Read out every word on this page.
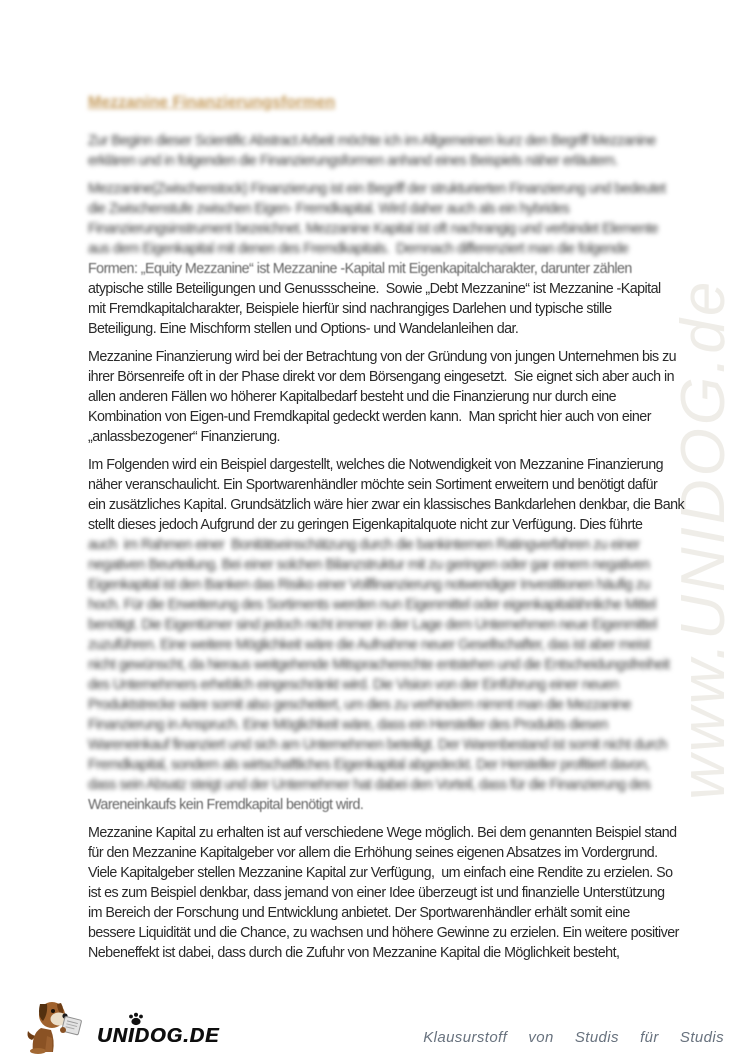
www.UNIDOG.de
Mezzanine Finanzierungsformen
Zur Beginn dieser Scientific Abstract Arbeit möchte ich im Allgemeinen kurz den Begriff Mezzanine
erklären und in folgenden die Finanzierungsformen anhand eines Beispiels näher erläutern.
Mezzanine(Zwischenstock) Finanzierung ist ein Begriff der strukturierten Finanzierung und bedeutet
die Zwischenstufe zwischen Eigen- Fremdkapital. Wird daher auch als ein hybrides
Finanzierungsinstrument bezeichnet. Mezzanine Kapital ist oft nachrangig und verbindet Elemente
aus dem Eigenkapital mit denen des Fremdkapitals.  Demnach differenziert man die folgende
Formen: „Equity Mezzanine“ ist Mezzanine -Kapital mit Eigenkapitalcharakter, darunter zählen
atypische stille Beteiligungen und Genussscheine.  Sowie „Debt Mezzanine“ ist Mezzanine -Kapital
mit Fremdkapitalcharakter, Beispiele hierfür sind nachrangiges Darlehen und typische stille
Beteiligung. Eine Mischform stellen und Options- und Wandelanleihen dar.
Mezzanine Finanzierung wird bei der Betrachtung von der Gründung von jungen Unternehmen bis zu
ihrer Börsenreife oft in der Phase direkt vor dem Börsengang eingesetzt.  Sie eignet sich aber auch in
allen anderen Fällen wo höherer Kapitalbedarf besteht und die Finanzierung nur durch eine
Kombination von Eigen-und Fremdkapital gedeckt werden kann.  Man spricht hier auch von einer
„anlassbezogener“ Finanzierung.
Im Folgenden wird ein Beispiel dargestellt, welches die Notwendigkeit von Mezzanine Finanzierung
näher veranschaulicht. Ein Sportwarenhändler möchte sein Sortiment erweitern und benötigt dafür
ein zusätzliches Kapital. Grundsätzlich wäre hier zwar ein klassisches Bankdarlehen denkbar, die Bank
stellt dieses jedoch Aufgrund der zu geringen Eigenkapitalquote nicht zur Verfügung. Dies führte
auch  im Rahmen einer  Bonitätseinschätzung durch die bankinternen Ratingverfahren zu einer
negativen Beurteilung. Bei einer solchen Bilanzstruktur mit zu geringen oder gar einem negativen
Eigenkapital ist den Banken das Risiko einer Vollfinanzierung notwendiger Investitionen häufig zu
hoch. Für die Erweiterung des Sortiments werden nun Eigenmittel oder eigenkapitalähnliche Mittel
benötigt. Die Eigentümer sind jedoch nicht immer in der Lage dem Unternehmen neue Eigenmittel
zuzuführen. Eine weitere Möglichkeit wäre die Aufnahme neuer Gesellschafter, das ist aber meist
nicht gewünscht, da hieraus weitgehende Mitspracherechte entstehen und die Entscheidungsfreiheit
des Unternehmers erheblich eingeschränkt wird. Die Vision von der Einführung einer neuen
Produktstrecke wäre somit also gescheitert, um dies zu verhindern nimmt man die Mezzanine
Finanzierung in Anspruch. Eine Möglichkeit wäre, dass ein Hersteller des Produkts diesen
Wareneinkauf finanziert und sich am Unternehmen beteiligt. Der Warenbestand ist somit nicht durch
Fremdkapital, sondern als wirtschaftliches Eigenkapital abgedeckt. Der Hersteller profitiert davon,
dass sein Absatz steigt und der Unternehmer hat dabei den Vorteil, dass für die Finanzierung des
Wareneinkaufs kein Fremdkapital benötigt wird.
Mezzanine Kapital zu erhalten ist auf verschiedene Wege möglich. Bei dem genannten Beispiel stand
für den Mezzanine Kapitalgeber vor allem die Erhöhung seines eigenen Absatzes im Vordergrund.
Viele Kapitalgeber stellen Mezzanine Kapital zur Verfügung,  um einfach eine Rendite zu erzielen. So
ist es zum Beispiel denkbar, dass jemand von einer Idee überzeugt ist und finanzielle Unterstützung
im Bereich der Forschung und Entwicklung anbietet. Der Sportwarenhändler erhält somit eine
bessere Liquidität und die Chance, zu wachsen und höhere Gewinne zu erzielen. Ein weitere positiver
Nebeneffekt ist dabei, dass durch die Zufuhr von Mezzanine Kapital die Möglichkeit besteht,
UNIDOG.DE	Klausurstoff  von  Studis  für  Studis
